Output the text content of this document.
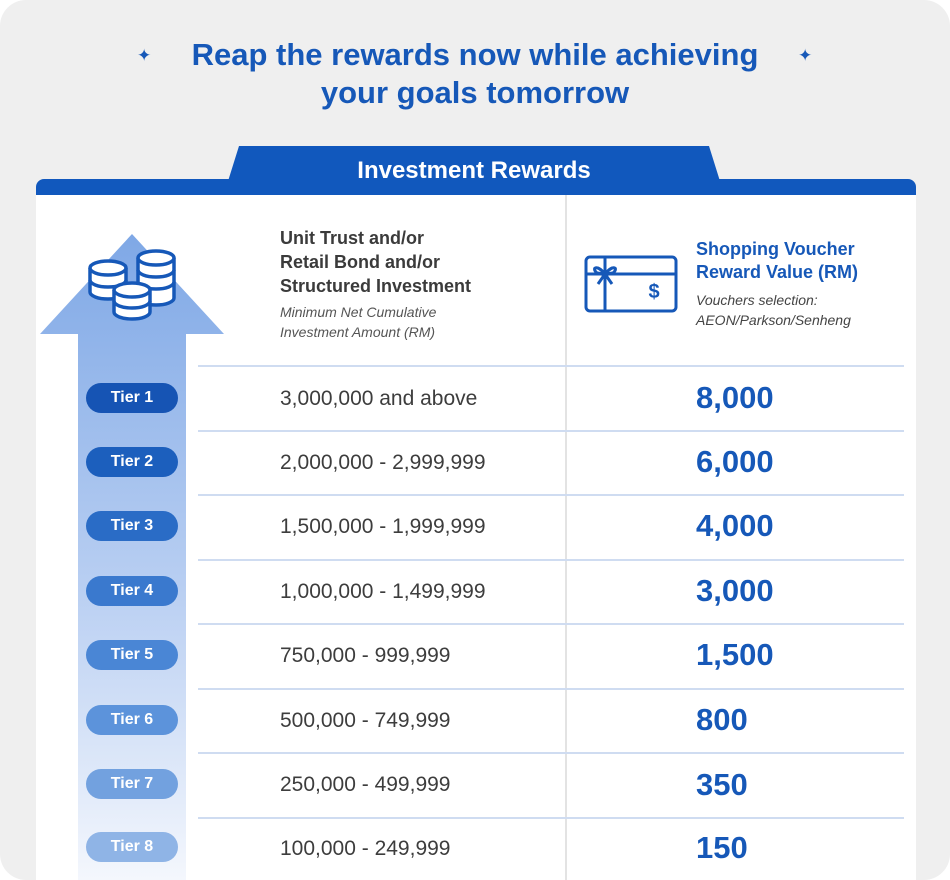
✦	✦
Reap the rewards now while achieving
your goals tomorrow
Investment Rewards
Unit Trust and/or
Retail Bond and/or
Structured Investment
Minimum Net Cumulative
Investment Amount (RM)
$
Shopping Voucher
Reward Value (RM)
Vouchers selection:
AEON/Parkson/Senheng
Tier 1	3,000,000 and above	8,000
Tier 2	2,000,000 - 2,999,999	6,000
Tier 3	1,500,000 - 1,999,999	4,000
Tier 4	1,000,000 - 1,499,999	3,000
Tier 5	750,000 - 999,999	1,500
Tier 6	500,000 - 749,999	800
Tier 7	250,000 - 499,999	350
Tier 8	100,000 - 249,999	150
